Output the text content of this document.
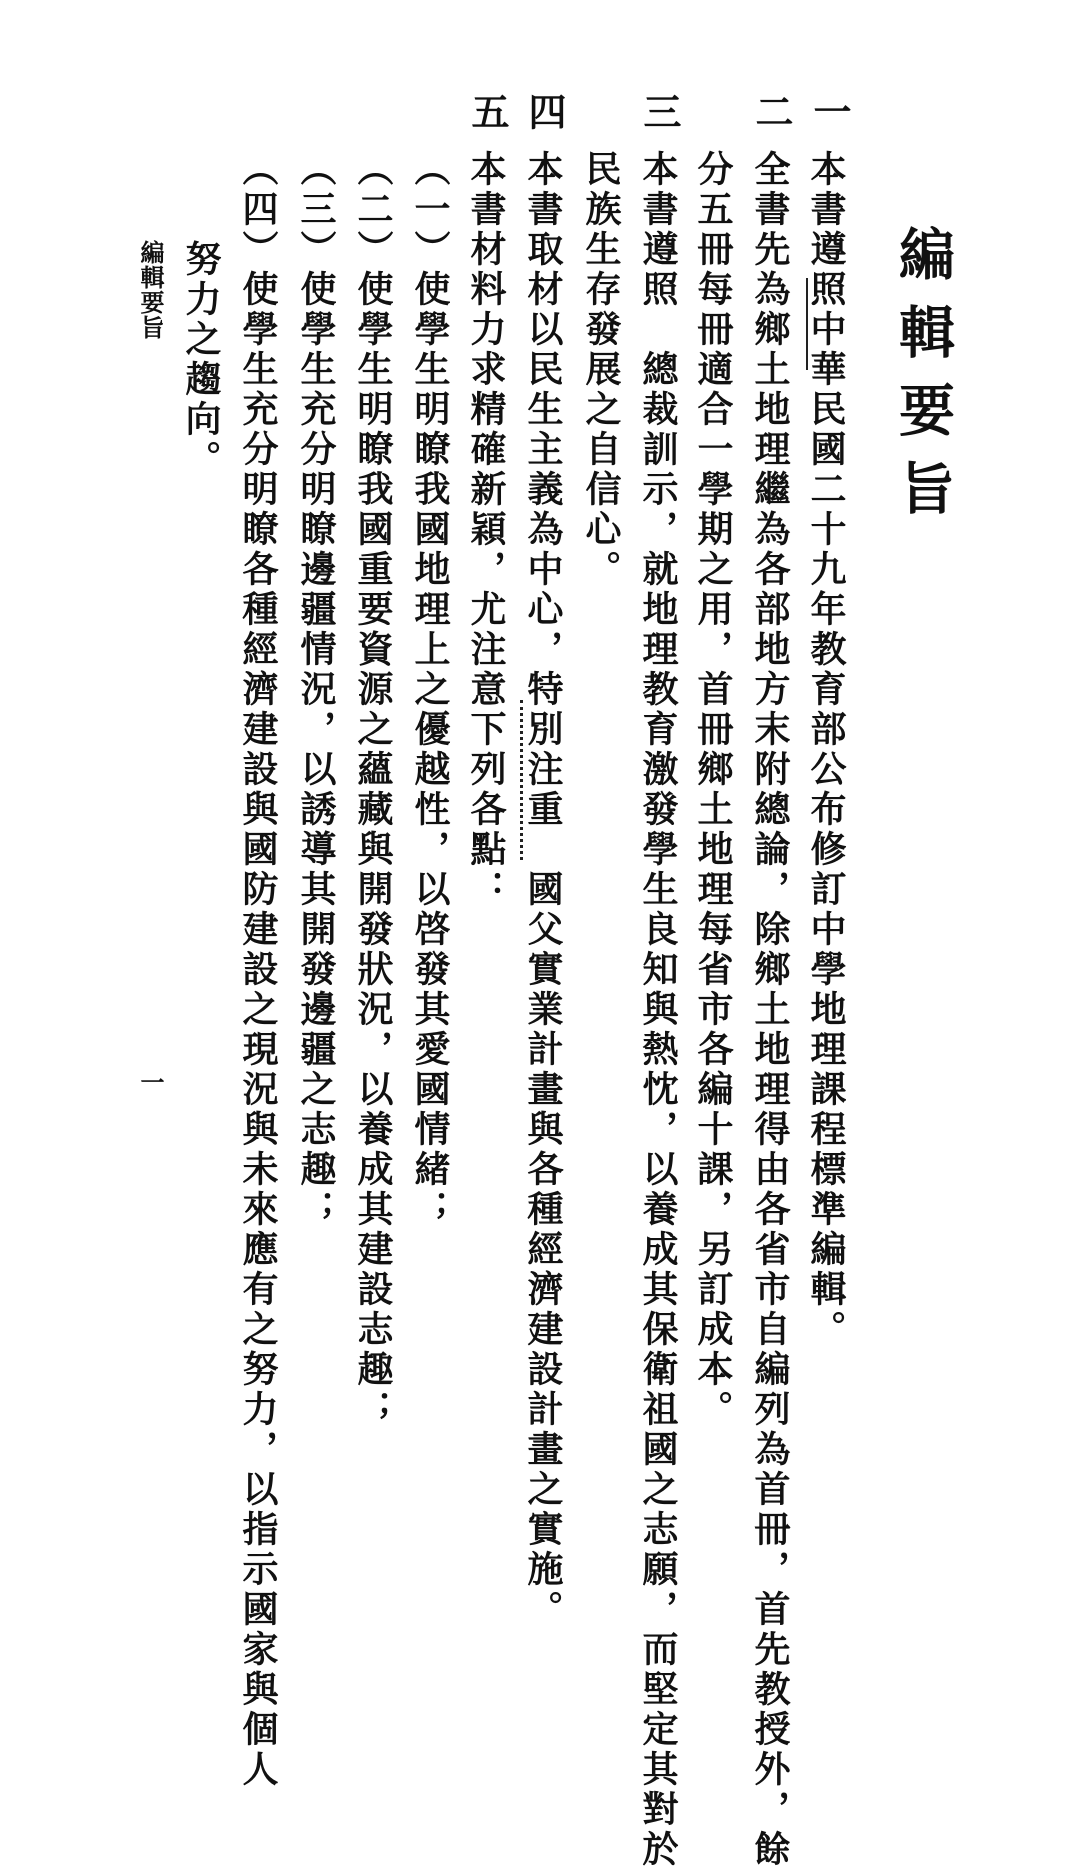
編輯要旨
一
本書遵照中華民國二十九年教育部公布修訂中學地理課程標準編輯。
二
全書先為鄉土地理繼為各部地方末附總論，除鄉土地理得由各省市自編列為首冊，首先教授外，餘
分五冊每冊適合一學期之用，首冊鄉土地理每省市各編十課，另訂成本。
三
本書遵照　總裁訓示，就地理教育激發學生良知與熱忱，以養成其保衛祖國之志願，而堅定其對於
民族生存發展之自信心。
四
本書取材以民生主義為中心，特別注重　國父實業計畫與各種經濟建設計畫之實施。
五
本書材料力求精確新穎，尤注意下列各點：
（一）使學生明瞭我國地理上之優越性，以啓發其愛國情緒；
（二）使學生明瞭我國重要資源之蘊藏與開發狀況，以養成其建設志趣；
（三）使學生充分明瞭邊疆情況，以誘導其開發邊疆之志趣；
（四）使學生充分明瞭各種經濟建設與國防建設之現況與未來應有之努力，以指示國家與個人
努力之趨向。
編輯要旨
一
